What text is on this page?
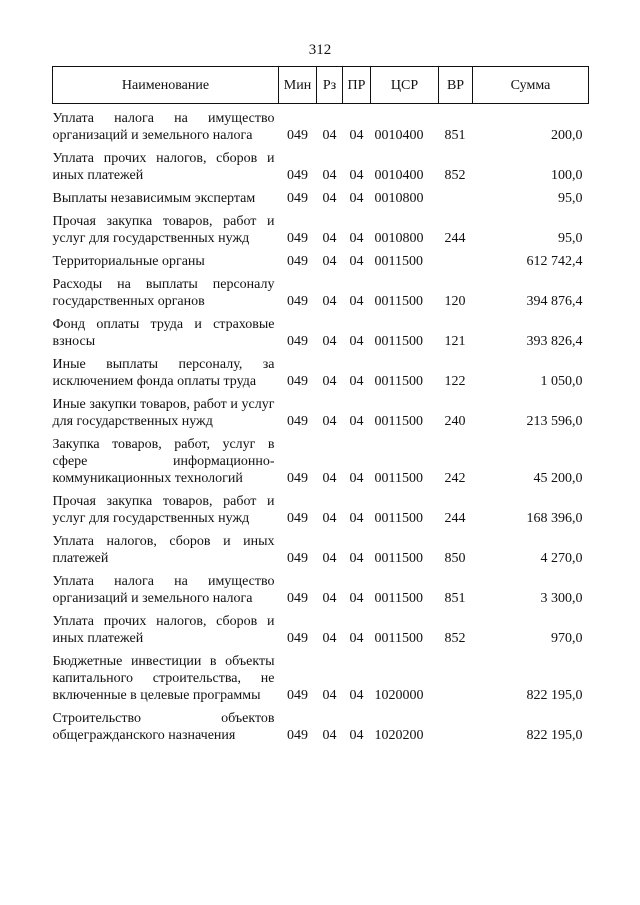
312
Наименование	Мин	Рз	ПР	ЦСР	ВР	Сумма
Уплата налога на имущество организаций и земельного налога	049	04	04	0010400	851	200,0
Уплата прочих налогов, сборов и иных платежей	049	04	04	0010400	852	100,0
Выплаты независимым экспертам	049	04	04	0010800		95,0
Прочая закупка товаров, работ и услуг для государственных нужд	049	04	04	0010800	244	95,0
Территориальные органы	049	04	04	0011500		612 742,4
Расходы на выплаты персоналу государственных органов	049	04	04	0011500	120	394 876,4
Фонд оплаты труда и страховые взносы	049	04	04	0011500	121	393 826,4
Иные выплаты персоналу, за исключением фонда оплаты труда	049	04	04	0011500	122	1 050,0
Иные закупки товаров, работ и услуг для государственных нужд	049	04	04	0011500	240	213 596,0
Закупка товаров, работ, услуг в сфере информационно-коммуникационных технологий	049	04	04	0011500	242	45 200,0
Прочая закупка товаров, работ и услуг для государственных нужд	049	04	04	0011500	244	168 396,0
Уплата налогов, сборов и иных платежей	049	04	04	0011500	850	4 270,0
Уплата налога на имущество организаций и земельного налога	049	04	04	0011500	851	3 300,0
Уплата прочих налогов, сборов и иных платежей	049	04	04	0011500	852	970,0
Бюджетные инвестиции в объекты капитального строительства, не включенные в целевые программы	049	04	04	1020000		822 195,0
Строительство объектов общегражданского назначения	049	04	04	1020200		822 195,0
